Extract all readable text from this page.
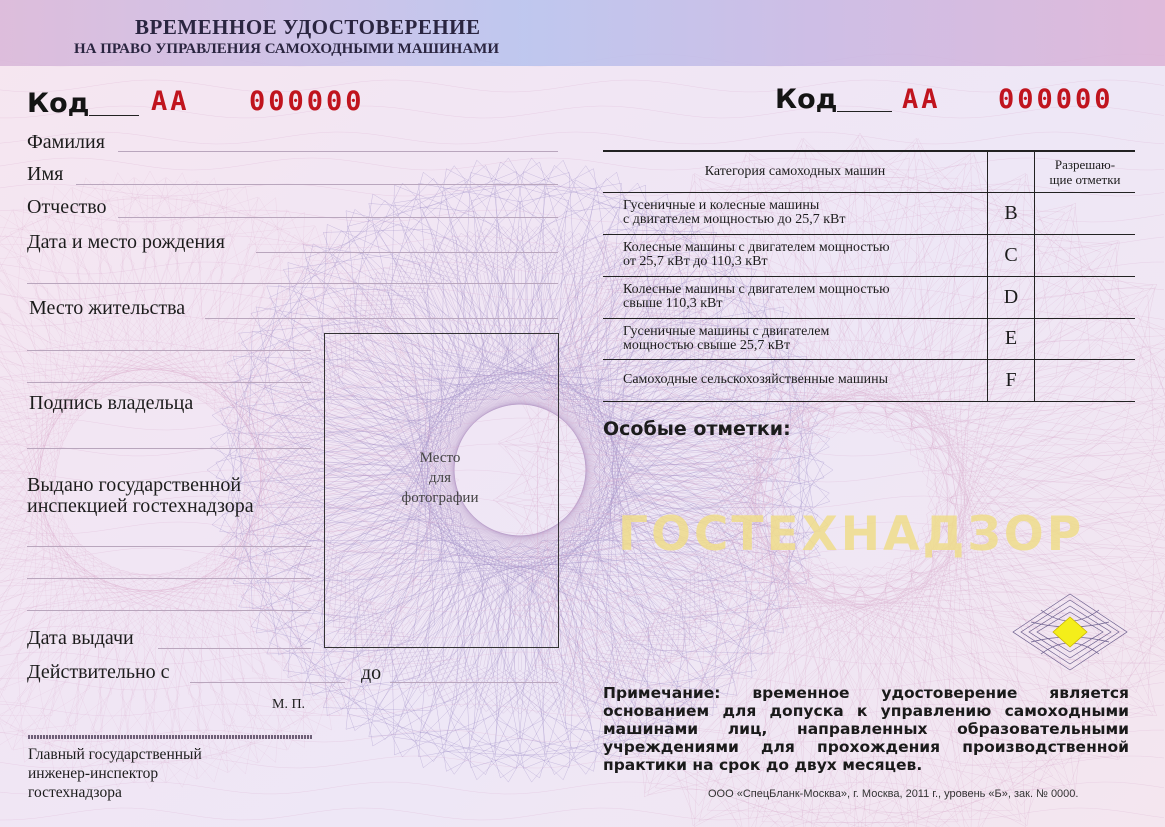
ВРЕМЕННОЕ УДОСТОВЕРЕНИЕ
НА ПРАВО УПРАВЛЕНИЯ САМОХОДНЫМИ МАШИНАМИ
Код АА 000000	Код АА 000000
Фамилия
Имя
Отчество
Дата и место рождения
Место жительства
Подпись владельца
Выдано государственной
инспекцией гостехнадзора
Дата выдачи
Действительно с	до
М. П.
Главный государственный
инженер-инспектор
гостехнадзора
Место
для
фотографии
Категория самоходных машин		Разрешаю-
щие отметки

Гусеничные и колесные машины
с двигателем мощностью до 25,7 кВт	B	

Колесные машины с двигателем мощностью
от 25,7 кВт до 110,3 кВт	C	

Колесные машины с двигателем мощностью
свыше 110,3 кВт	D	

Гусеничные машины с двигателем
мощностью свыше 25,7 кВт	E	

Самоходные сельскохозяйственные машины	F	
Особые отметки:
ГОСТЕХНАДЗОР
Примечание: временное удостоверение является основанием для допуска к управлению самоходными машинами лиц, направленных образовательными учреждениями для прохождения производственной практики на срок до двух месяцев.
ООО «СпецБланк-Москва», г. Москва, 2011 г., уровень «Б», зак. № 0000.
